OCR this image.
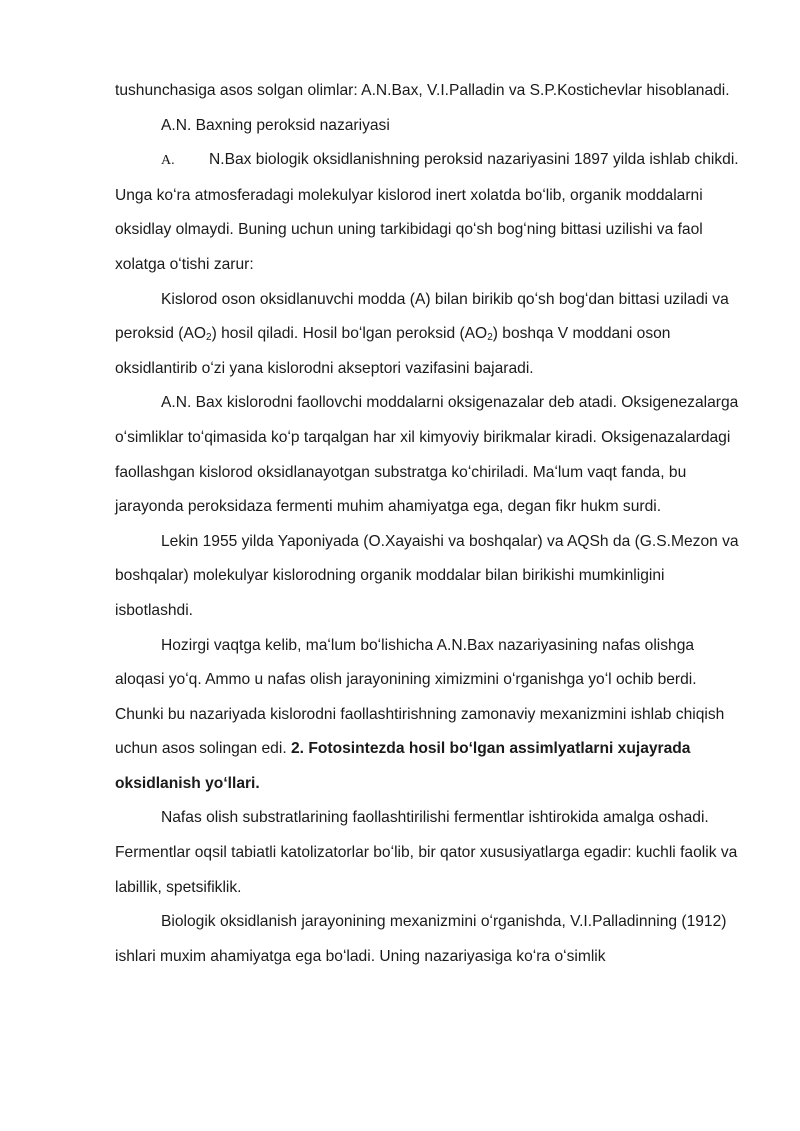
tushunchasiga asos solgan olimlar: A.N.Bax, V.I.Palladin va S.P.Kostichevlar hisoblanadi.

A.N. Baxning peroksid nazariyasi

A. N.Bax biologik oksidlanishning peroksid nazariyasini 1897 yilda ishlab chikdi. Unga koʻra atmosferadagi molekulyar kislorod inert xolatda boʻlib, organik moddalarni oksidlay olmaydi. Buning uchun uning tarkibidagi qoʻsh bogʻning bittasi uzilishi va faol xolatga oʻtishi zarur:

Kislorod oson oksidlanuvchi modda (A) bilan birikib qoʻsh bogʻdan bittasi uziladi va peroksid $(AO_2)$ hosil qiladi. Hosil boʻlgan peroksid $(AO_2)$ boshqa V moddani oson oksidlantirib oʻzi yana kislorodni akseptori vazifasini bajaradi.

A.N. Bax kislorodni faollovchi moddalarni oksigenazalar deb atadi. Oksigenezalarga oʻsimliklar toʻqimasida koʻp tarqalgan har xil kimyoviy birikmalar kiradi. Oksigenazalardagi faollashgan kislorod oksidlanayotgan substratga koʻchiriladi. Maʻlum vaqt fanda, bu jarayonda peroksidaza fermenti muhim ahamiyatga ega, degan fikr hukm surdi.

Lekin 1955 yilda Yaponiyada (O.Xayaishi va boshqalar) va AQSh da (G.S.Mezon va boshqalar) molekulyar kislorodning organik moddalar bilan birikishi mumkinligini isbotlashdi.

Hozirgi vaqtga kelib, maʻlum boʻlishicha A.N.Bax nazariyasining nafas olishga aloqasi yoʻq. Ammo u nafas olish jarayonining ximizmini oʻrganishga yoʻl ochib berdi. Chunki bu nazariyada kislorodni faollashtirishning zamonaviy mexanizmini ishlab chiqish uchun asos solingan edi. 2. Fotosintezda hosil boʻlgan assimlyatlarni xujayrada oksidlanish yoʻllari.

Nafas olish substratlarining faollashtirilishi fermentlar ishtirokida amalga oshadi. Fermentlar oqsil tabiatli katolizatorlar boʻlib, bir qator xususiyatlarga egadir: kuchli faolik va labillik, spetsifiklik.

Biologik oksidlanish jarayonining mexanizmini oʻrganishda, V.I.Palladinning (1912) ishlari muxim ahamiyatga ega boʻladi. Uning nazariyasiga koʻra oʻsimlik
